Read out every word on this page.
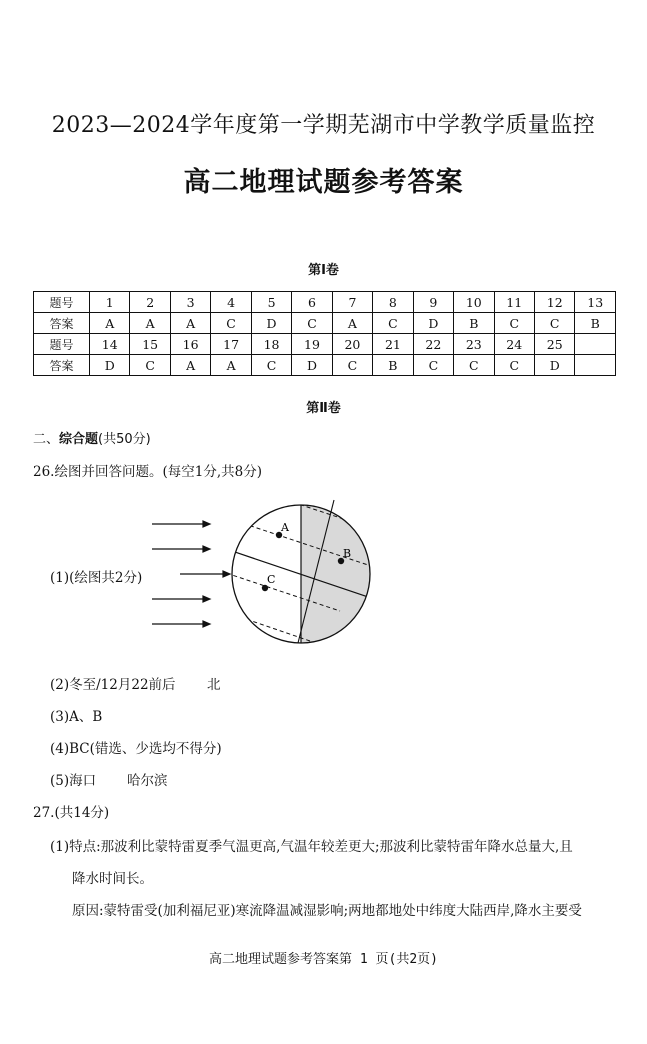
2023—2024学年度第一学期芜湖市中学教学质量监控
高二地理试题参考答案
第Ⅰ卷
题号	1	2	3	4	5	6	7	8	9	10	11	12	13
答案	A	A	A	C	D	C	A	C	D	B	C	C	B
题号	14	15	16	17	18	19	20	21	22	23	24	25	
答案	D	C	A	A	C	D	C	B	C	C	C	D	
第Ⅱ卷
二、综合题(共50分)
26.绘图并回答问题。(每空1分,共8分)
A
B
C
(1)(绘图共2分)
(2)冬至/12月22前后 北
(3)A、B
(4)BC(错选、少选均不得分)
(5)海口 哈尔滨
27.(共14分)
(1)特点:那波利比蒙特雷夏季气温更高,气温年较差更大;那波利比蒙特雷年降水总量大,且
降水时间长。
原因:蒙特雷受(加利福尼亚)寒流降温减湿影响;两地都地处中纬度大陆西岸,降水主要受
高二地理试题参考答案第 1 页(共2页)
